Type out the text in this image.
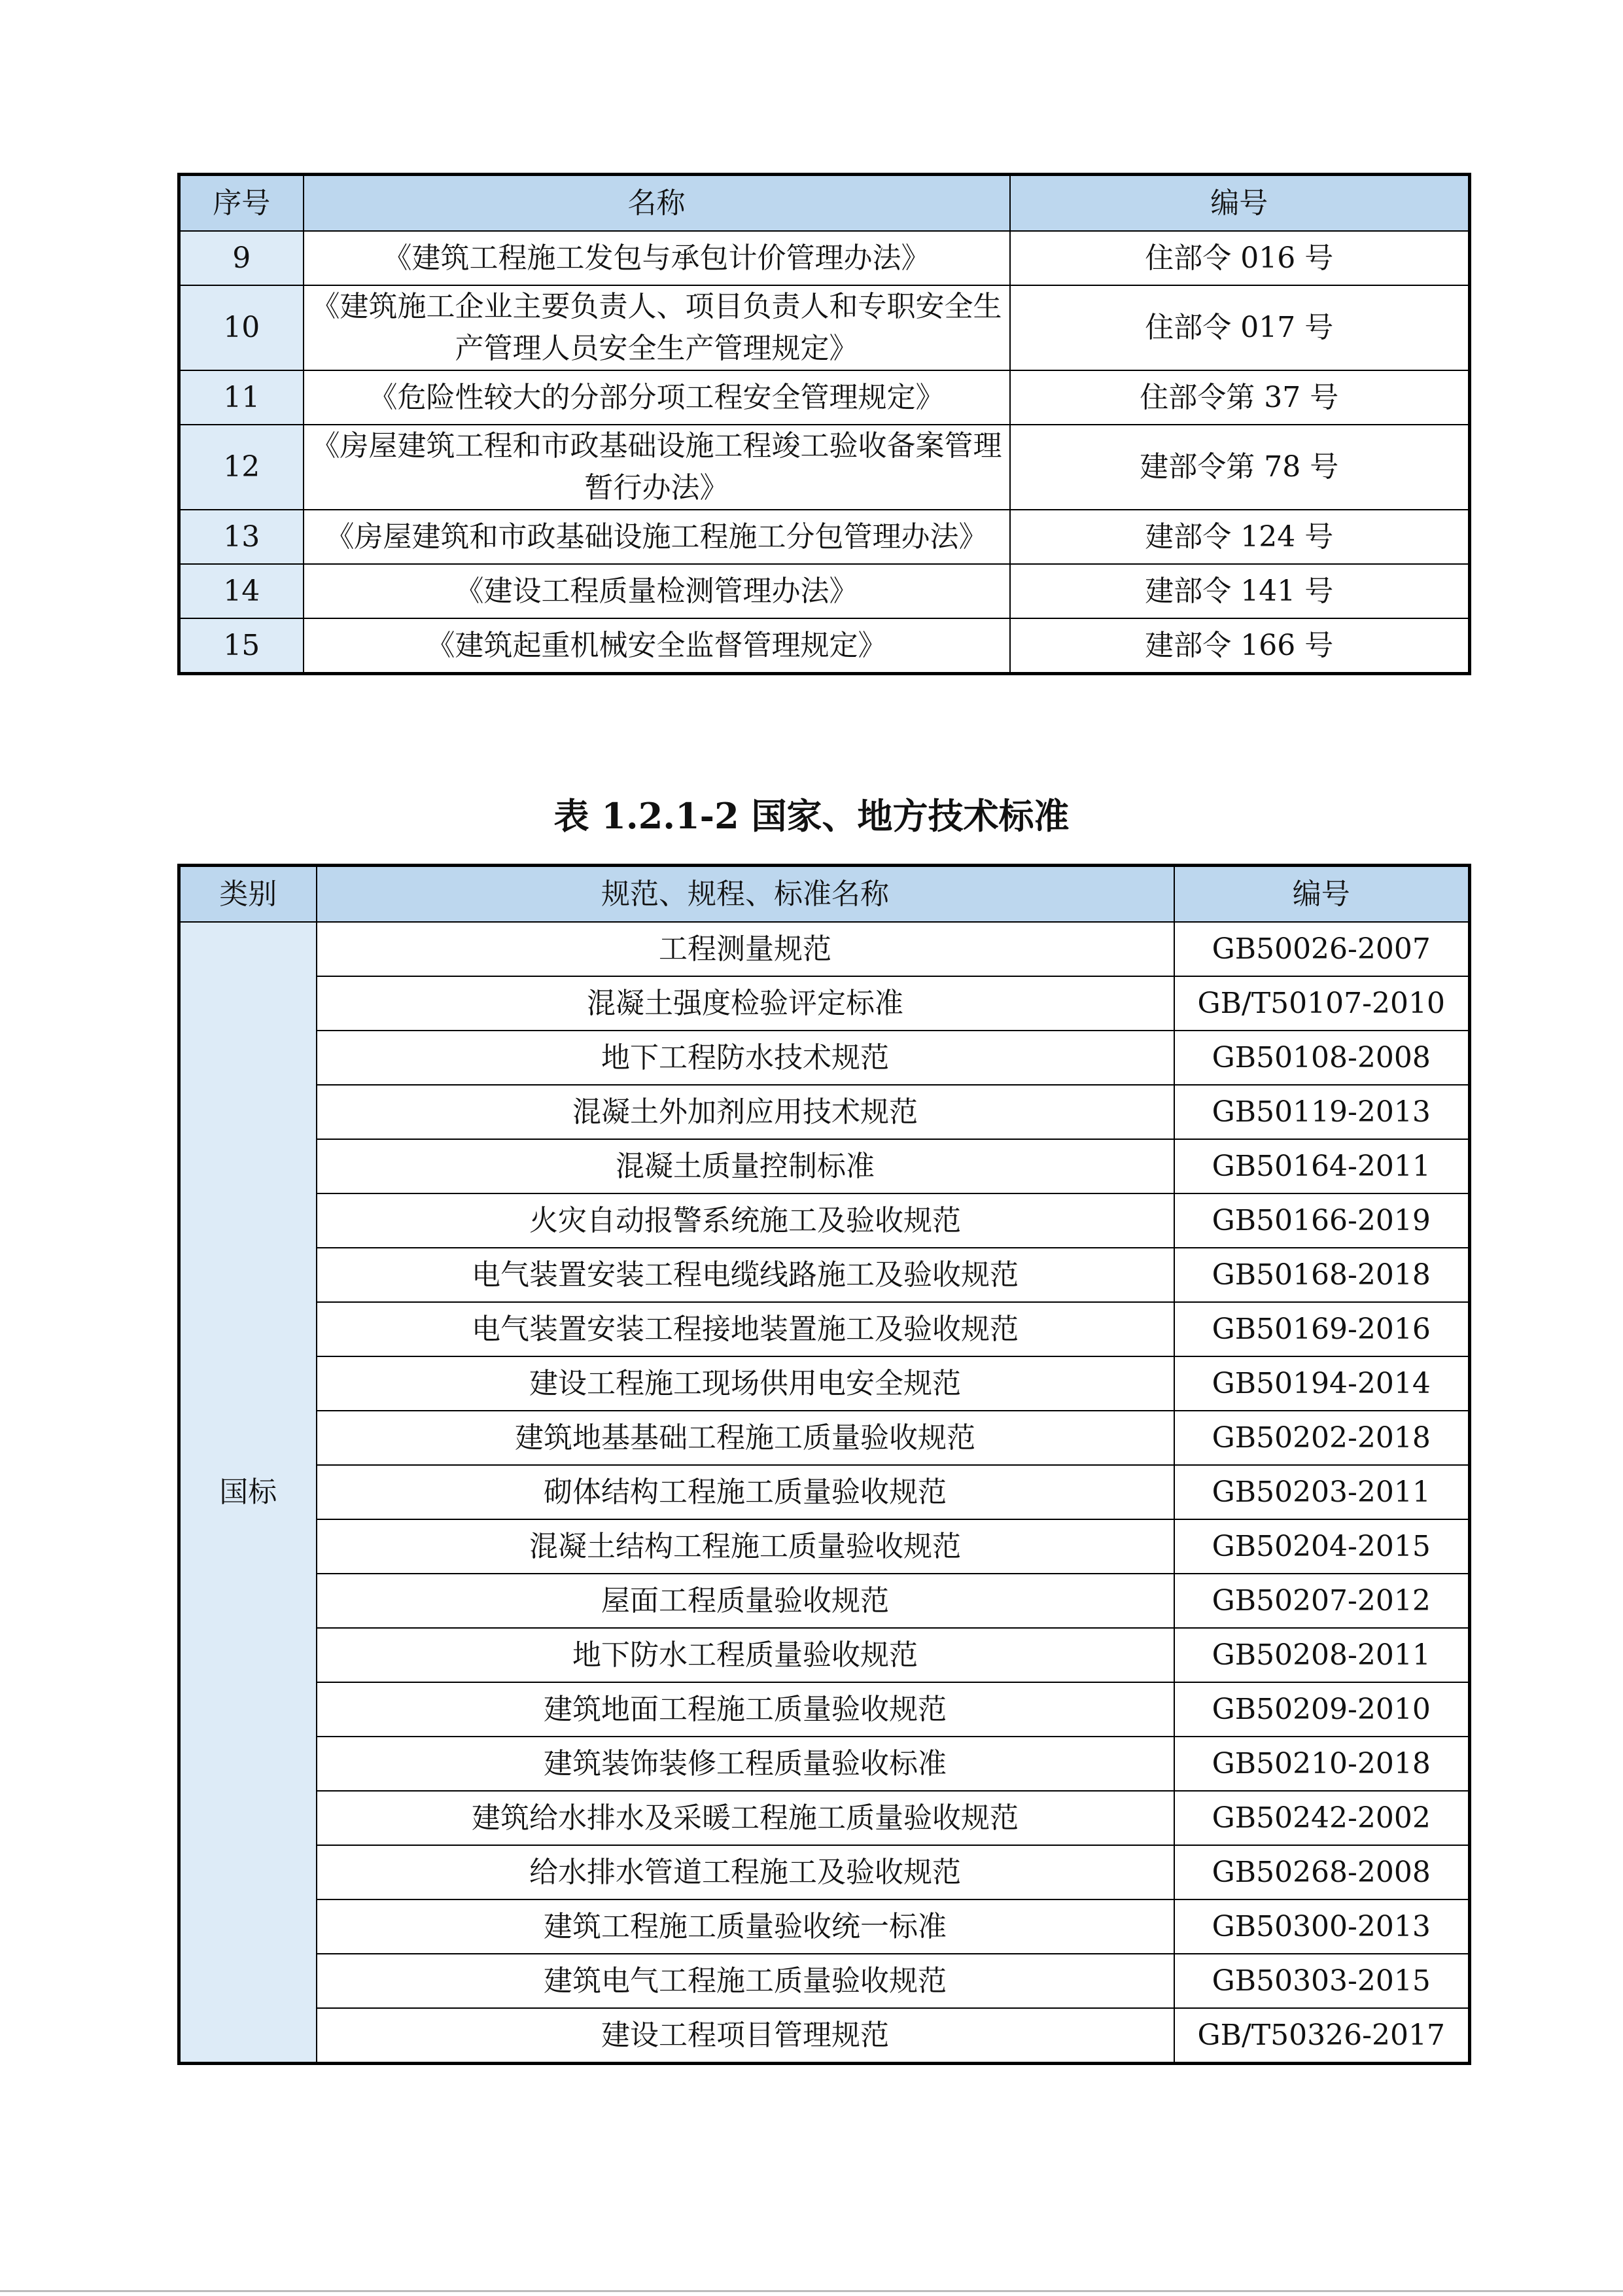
序号	名称	编号
9	《建筑工程施工发包与承包计价管理办法》	住部令 016 号
10	《建筑施工企业主要负责人、项目负责人和专职安全生产管理人员安全生产管理规定》	住部令 017 号
11	《危险性较大的分部分项工程安全管理规定》	住部令第 37 号
12	《房屋建筑工程和市政基础设施工程竣工验收备案管理暂行办法》	建部令第 78 号
13	《房屋建筑和市政基础设施工程施工分包管理办法》	建部令 124 号
14	《建设工程质量检测管理办法》	建部令 141 号
15	《建筑起重机械安全监督管理规定》	建部令 166 号
表 1.2.1-2 国家、地方技术标准
类别	规范、规程、标准名称	编号
国标	工程测量规范	GB50026-2007
	混凝土强度检验评定标准	GB/T50107-2010
	地下工程防水技术规范	GB50108-2008
	混凝土外加剂应用技术规范	GB50119-2013
	混凝土质量控制标准	GB50164-2011
	火灾自动报警系统施工及验收规范	GB50166-2019
	电气装置安装工程电缆线路施工及验收规范	GB50168-2018
	电气装置安装工程接地装置施工及验收规范	GB50169-2016
	建设工程施工现场供用电安全规范	GB50194-2014
	建筑地基基础工程施工质量验收规范	GB50202-2018
	砌体结构工程施工质量验收规范	GB50203-2011
	混凝土结构工程施工质量验收规范	GB50204-2015
	屋面工程质量验收规范	GB50207-2012
	地下防水工程质量验收规范	GB50208-2011
	建筑地面工程施工质量验收规范	GB50209-2010
	建筑装饰装修工程质量验收标准	GB50210-2018
	建筑给水排水及采暖工程施工质量验收规范	GB50242-2002
	给水排水管道工程施工及验收规范	GB50268-2008
	建筑工程施工质量验收统一标准	GB50300-2013
	建筑电气工程施工质量验收规范	GB50303-2015
	建设工程项目管理规范	GB/T50326-2017
